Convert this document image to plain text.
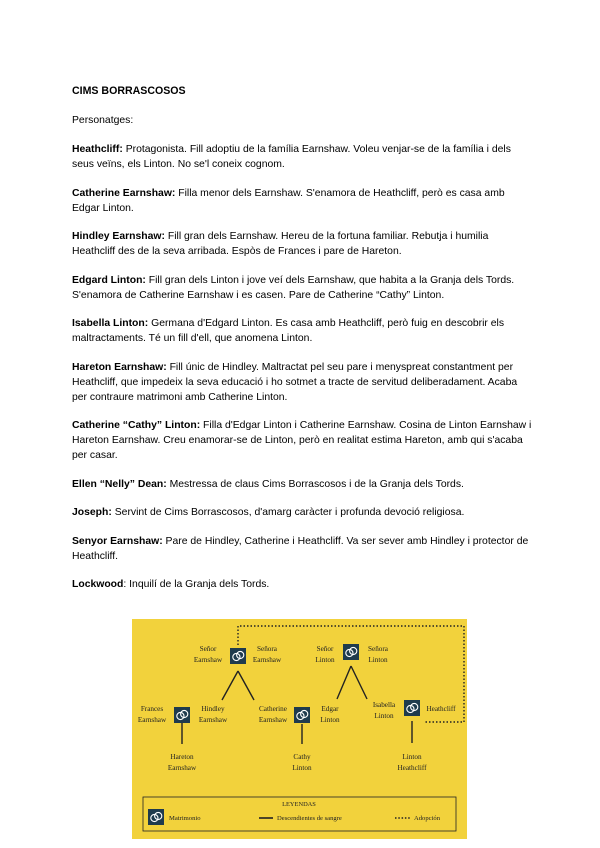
CIMS BORRASCOSOS
Personatges:
Heathcliff: Protagonista. Fill adoptiu de la família Earnshaw. Voleu venjar-se de la família i dels seus veïns, els Linton. No se'l coneix cognom.
Catherine Earnshaw: Filla menor dels Earnshaw. S'enamora de Heathcliff, però es casa amb Edgar Linton.
Hindley Earnshaw: Fill gran dels Earnshaw. Hereu de la fortuna familiar. Rebutja i humilia Heathcliff des de la seva arribada. Espòs de Frances i pare de Hareton.
Edgard Linton: Fill gran dels Linton i jove veí dels Earnshaw, que habita a la Granja dels Tords. S'enamora de Catherine Earnshaw i es casen. Pare de Catherine “Cathy” Linton.
Isabella Linton: Germana d'Edgard Linton. Es casa amb Heathcliff, però fuig en descobrir els maltractaments. Té un fill d'ell, que anomena Linton.
Hareton Earnshaw: Fill únic de Hindley. Maltractat pel seu pare i menyspreat constantment per Heathcliff, que impedeix la seva educació i ho sotmet a tracte de servitud deliberadament. Acaba per contraure matrimoni amb Catherine Linton.
Catherine “Cathy” Linton: Filla d'Edgar Linton i Catherine Earnshaw. Cosina de Linton Earnshaw i Hareton Earnshaw. Creu enamorar-se de Linton, però en realitat estima Hareton, amb qui s'acaba per casar.
Ellen “Nelly” Dean: Mestressa de claus Cims Borrascosos i de la Granja dels Tords.
Joseph: Servint de Cims Borrascosos, d'amarg caràcter i profunda devoció religiosa.
Senyor Earnshaw: Pare de Hindley, Catherine i Heathcliff. Va ser sever amb Hindley i protector de Heathcliff.
Lockwood: Inquilí de la Granja dels Tords.
Señor
Earnshaw
Señora
Earnshaw
Señor
Linton
Señora
Linton
Frances
Earnshaw
Hindley
Earnshaw
Catherine
Earnshaw
Edgar
Linton
Isabella
Linton
Heathcliff
Hareton
Earnshaw
Cathy
Linton
Linton
Heathcliff
LEYENDAS
Matrimonio	Descendientes de sangre	Adopción
